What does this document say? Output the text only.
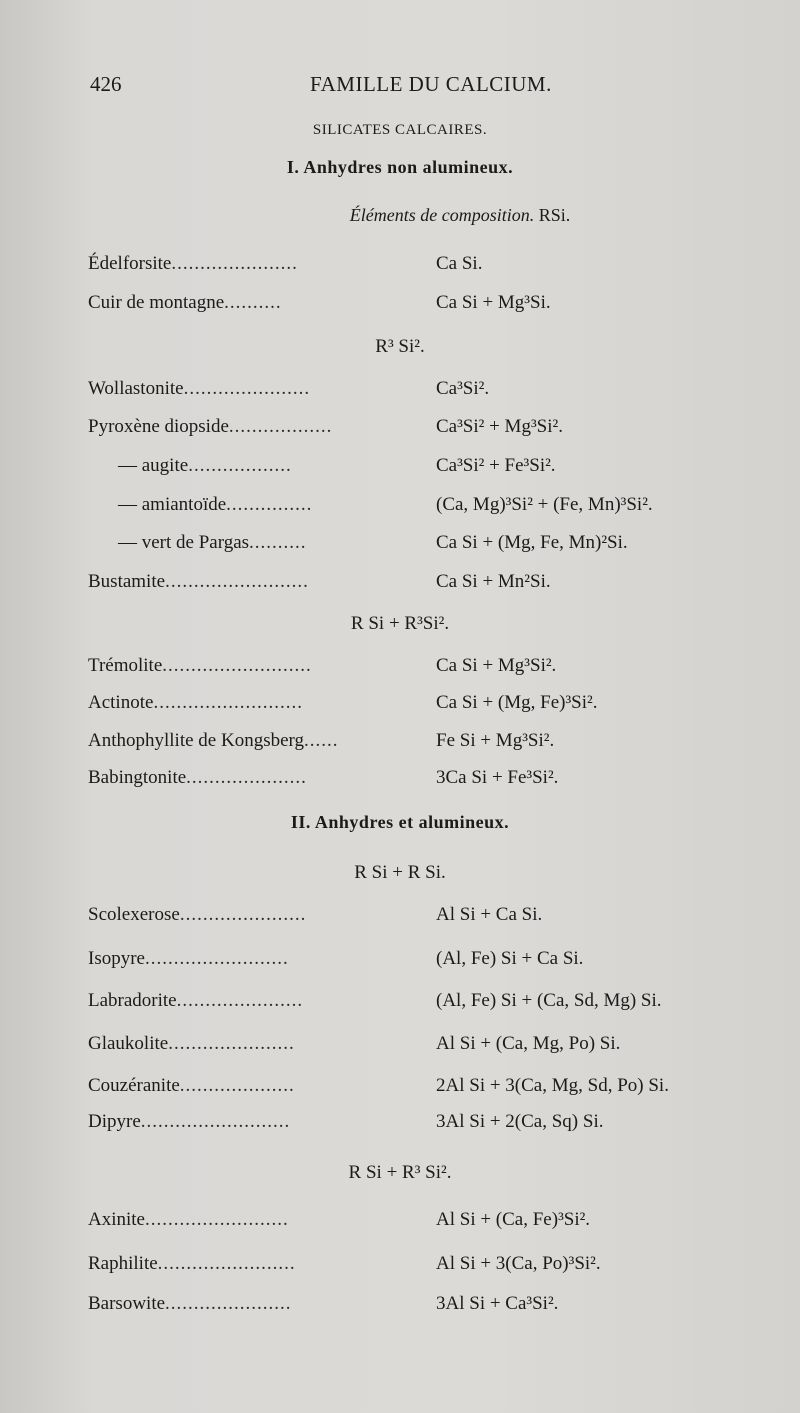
426	FAMILLE DU CALCIUM.
SILICATES CALCAIRES.
I. Anhydres non alumineux.
Éléments de composition. RSi.
Édelforsite......................	Ca Si.
Cuir de montagne..........	Ca Si + Mg³Si.
R³ Si².
Wollastonite......................	Ca³Si².
Pyroxène diopside..................	Ca³Si² + Mg³Si².
— augite..................	Ca³Si² + Fe³Si².
— amiantoïde...............	(Ca, Mg)³Si² + (Fe, Mn)³Si².
— vert de Pargas..........	Ca Si + (Mg, Fe, Mn)²Si.
Bustamite.........................	Ca Si + Mn²Si.
R Si + R³Si².
Trémolite..........................	Ca Si + Mg³Si².
Actinote..........................	Ca Si + (Mg, Fe)³Si².
Anthophyllite de Kongsberg......	Fe Si + Mg³Si².
Babingtonite.....................	3Ca Si + Fe³Si².
II. Anhydres et alumineux.
R Si + R Si.
Scolexerose......................	Al Si + Ca Si.
Isopyre.........................	(Al, Fe) Si + Ca Si.
Labradorite......................	(Al, Fe) Si + (Ca, Sd, Mg) Si.
Glaukolite......................	Al Si + (Ca, Mg, Po) Si.
Couzéranite....................	2Al Si + 3(Ca, Mg, Sd, Po) Si.
Dipyre..........................	3Al Si + 2(Ca, Sq) Si.
R Si + R³ Si².
Axinite.........................	Al Si + (Ca, Fe)³Si².
Raphilite........................	Al Si + 3(Ca, Po)³Si².
Barsowite......................	3Al Si + Ca³Si².
